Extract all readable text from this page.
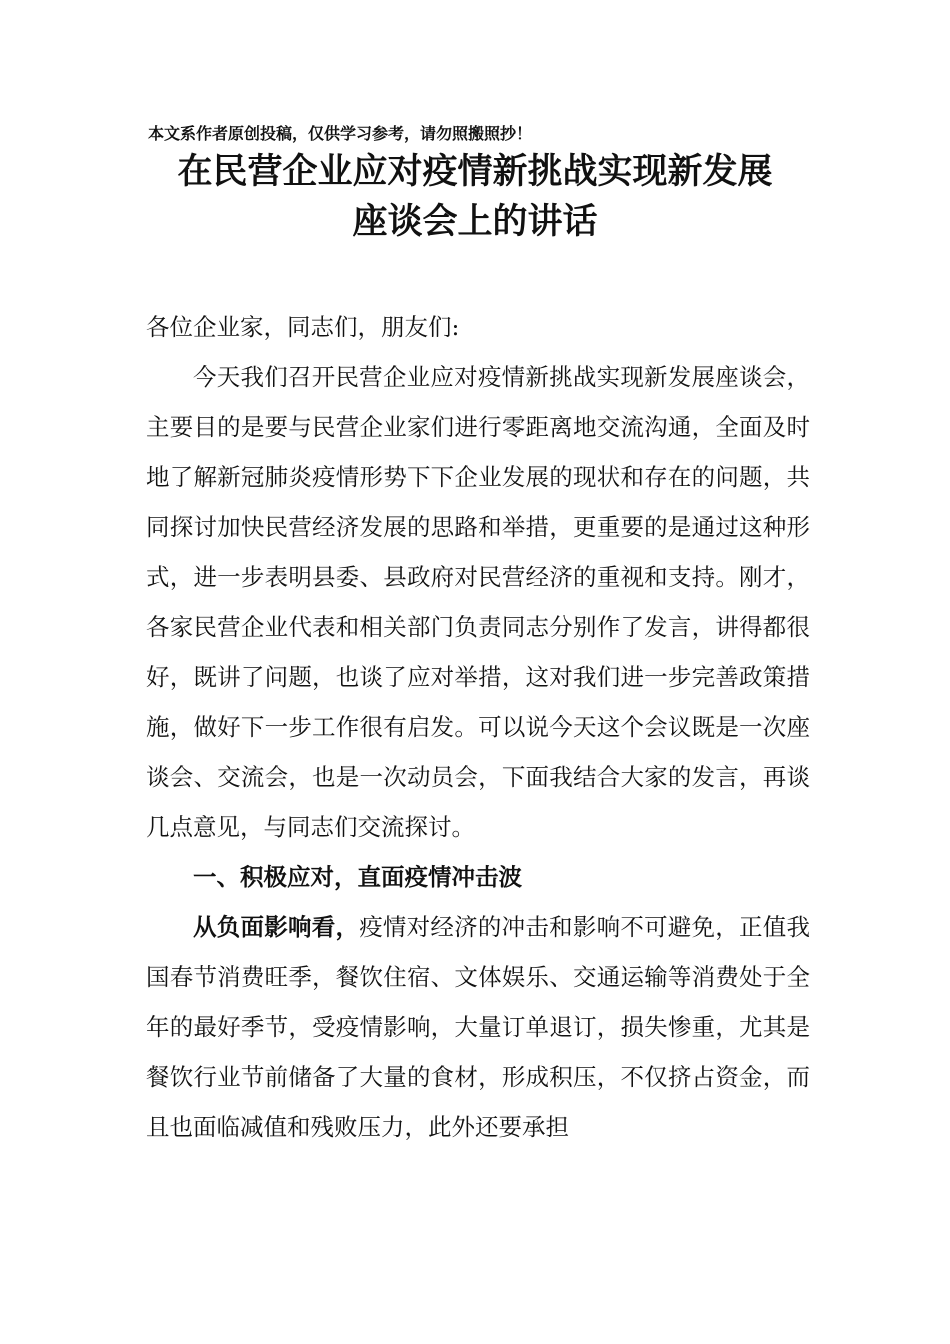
本文系作者原创投稿，仅供学习参考，请勿照搬照抄！
在民营企业应对疫情新挑战实现新发展
座谈会上的讲话

各位企业家，同志们，朋友们:

今天我们召开民营企业应对疫情新挑战实现新发展座谈会，主要目的是要与民营企业家们进行零距离地交流沟通，全面及时地了解新冠肺炎疫情形势下下企业发展的现状和存在的问题，共同探讨加快民营经济发展的思路和举措，更重要的是通过这种形式，进一步表明县委、县政府对民营经济的重视和支持。刚才，各家民营企业代表和相关部门负责同志分别作了发言，讲得都很好，既讲了问题，也谈了应对举措，这对我们进一步完善政策措施，做好下一步工作很有启发。可以说今天这个会议既是一次座谈会、交流会，也是一次动员会，下面我结合大家的发言，再谈几点意见，与同志们交流探讨。

一、积极应对，直面疫情冲击波

从负面影响看，疫情对经济的冲击和影响不可避免，正值我国春节消费旺季，餐饮住宿、文体娱乐、交通运输等消费处于全年的最好季节，受疫情影响，大量订单退订，损失惨重，尤其是餐饮行业节前储备了大量的食材，形成积压，不仅挤占资金，而且也面临减值和残败压力，此外还要承担
